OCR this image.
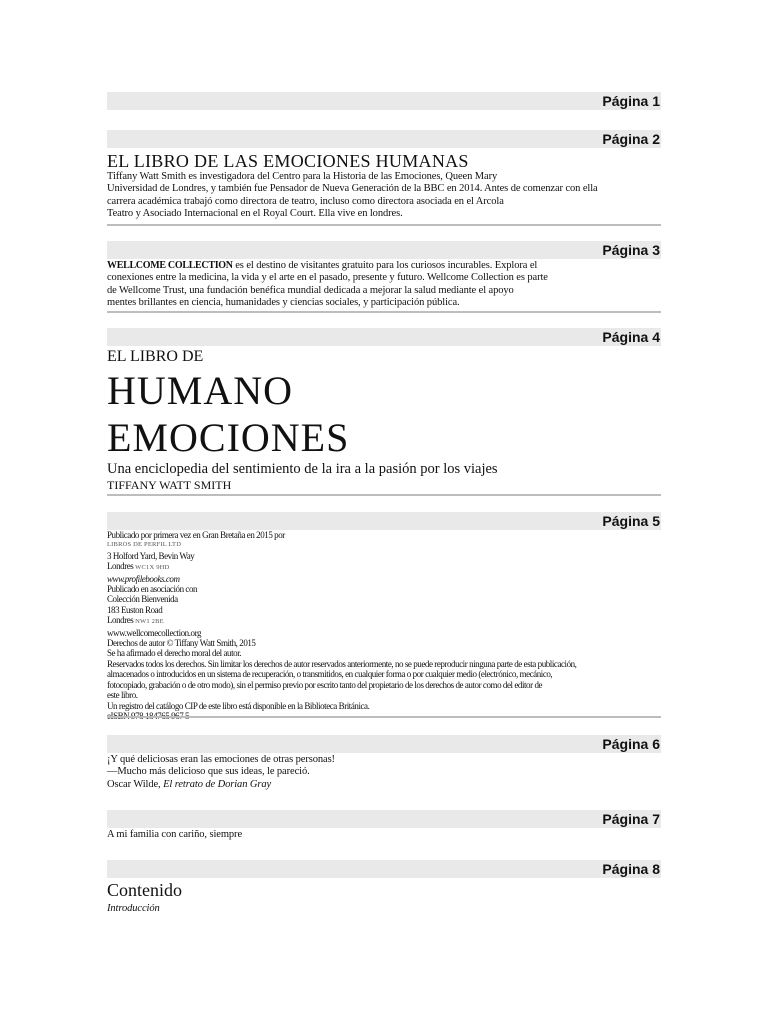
Página 1
Página 2
EL LIBRO DE LAS EMOCIONES HUMANAS
Tiffany Watt Smith es investigadora del Centro para la Historia de las Emociones, Queen Mary
Universidad de Londres, y también fue Pensador de Nueva Generación de la BBC en 2014. Antes de comenzar con ella
carrera académica trabajó como directora de teatro, incluso como directora asociada en el Arcola
Teatro y Asociado Internacional en el Royal Court. Ella vive en londres.
Página 3
WELLCOME COLLECTION es el destino de visitantes gratuito para los curiosos incurables. Explora el
conexiones entre la medicina, la vida y el arte en el pasado, presente y futuro. Wellcome Collection es parte
de Wellcome Trust, una fundación benéfica mundial dedicada a mejorar la salud mediante el apoyo
mentes brillantes en ciencia, humanidades y ciencias sociales, y participación pública.
Página 4
EL LIBRO DE
HUMANO
EMOCIONES
Una enciclopedia del sentimiento de la ira a la pasión por los viajes
TIFFANY WATT SMITH
Página 5
Publicado por primera vez en Gran Bretaña en 2015 por
LIBROS DE PERFIL LTD
3 Holford Yard, Bevin Way
Londres WC1X 9HD
www.profilebooks.com
Publicado en asociación con
Colección Bienvenida
183 Euston Road
Londres NW1 2BE
www.wellcomecollection.org
Derechos de autor © Tiffany Watt Smith, 2015
Se ha afirmado el derecho moral del autor.
Reservados todos los derechos. Sin limitar los derechos de autor reservados anteriormente, no se puede reproducir ninguna parte de esta publicación,
almacenados o introducidos en un sistema de recuperación, o transmitidos, en cualquier forma o por cualquier medio (electrónico, mecánico,
fotocopiado, grabación o de otro modo), sin el permiso previo por escrito tanto del propietario de los derechos de autor como del editor de
este libro.
Un registro del catálogo CIP de este libro está disponible en la Biblioteca Británica.
Página 6
¡Y qué deliciosas eran las emociones de otras personas!
—Mucho más delicioso que sus ideas, le pareció.
Oscar Wilde, El retrato de Dorian Gray
Página 7
A mi familia con cariño, siempre
Página 8
Contenido
Introducción
